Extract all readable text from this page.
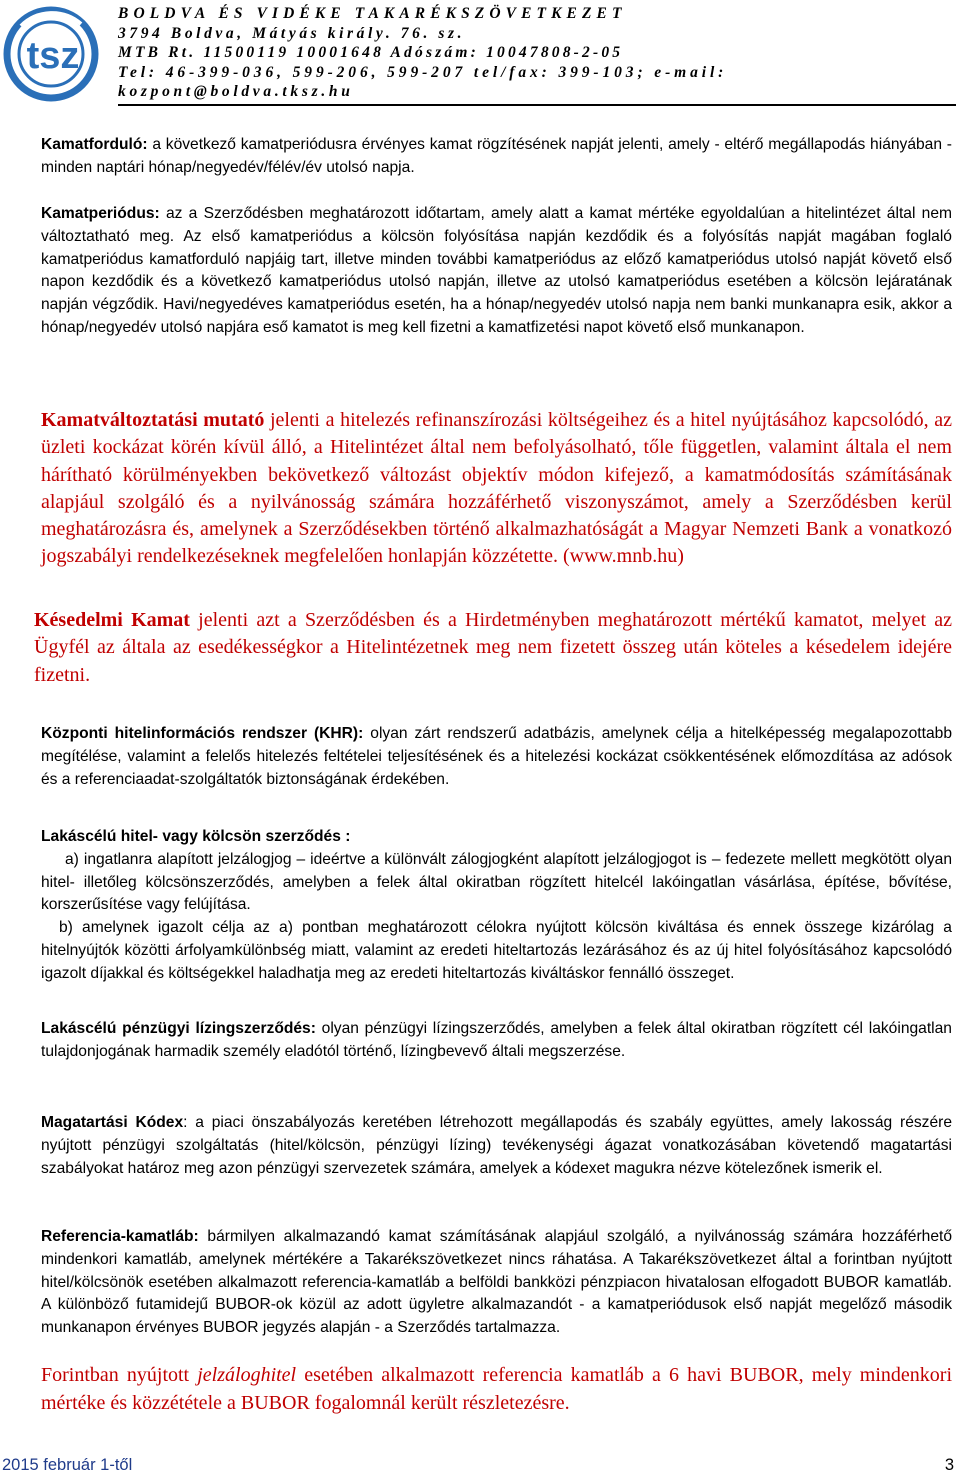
tsz
BOLDVA ÉS VIDÉKE TAKARÉKSZÖVETKEZET
3794 Boldva, Mátyás király. 76. sz.
MTB Rt. 11500119 10001648 Adószám: 10047808-2-05
Tel: 46-399-036, 599-206, 599-207 tel/fax: 399-103; e-mail:
kozpont@boldva.tksz.hu

Kamatforduló: a következő kamatperiódusra érvényes kamat rögzítésének napját jelenti, amely - eltérő megállapodás hiányában - minden naptári hónap/negyedév/félév/év utolsó napja.

Kamatperiódus: az a Szerződésben meghatározott időtartam, amely alatt a kamat mértéke egyoldalúan a hitelintézet által nem változtatható meg. Az első kamatperiódus a kölcsön folyósítása napján kezdődik és a folyósítás napját magában foglaló kamatperiódus kamatforduló napjáig tart, illetve minden további kamatperiódus az előző kamatperiódus utolsó napját követő első napon kezdődik és a következő kamatperiódus utolsó napján, illetve az utolsó kamatperiódus esetében a kölcsön lejáratának napján végződik. Havi/negyedéves kamatperiódus esetén, ha a hónap/negyedév utolsó napja nem banki munkanapra esik, akkor a hónap/negyedév utolsó napjára eső kamatot is meg kell fizetni a kamatfizetési napot követő első munkanapon.

Kamatváltoztatási mutató jelenti a hitelezés refinanszírozási költségeihez és a hitel nyújtásához kapcsolódó, az üzleti kockázat körén kívül álló, a Hitelintézet által nem befolyásolható, tőle független, valamint általa el nem hárítható körülményekben bekövetkező változást objektív módon kifejező, a kamatmódosítás számításának alapjául szolgáló és a nyilvánosság számára hozzáférhető viszonyszámot, amely a Szerződésben kerül meghatározásra és, amelynek a Szerződésekben történő alkalmazhatóságát a Magyar Nemzeti Bank a vonatkozó jogszabályi rendelkezéseknek megfelelően honlapján közzétette. (www.mnb.hu)

Késedelmi Kamat jelenti azt a Szerződésben és a Hirdetményben meghatározott mértékű kamatot, melyet az Ügyfél az általa az esedékességkor a Hitelintézetnek meg nem fizetett összeg után köteles a késedelem idejére fizetni.

Központi hitelinformációs rendszer (KHR): olyan zárt rendszerű adatbázis, amelynek célja a hitelképesség megalapozottabb megítélése, valamint a felelős hitelezés feltételei teljesítésének és a hitelezési kockázat csökkentésének előmozdítása az adósok és a referenciaadat-szolgáltatók biztonságának érdekében.

Lakáscélú hitel- vagy kölcsön szerződés :

a) ingatlanra alapított jelzálogjog – ideértve a különvált zálogjogként alapított jelzálogjogot is – fedezete mellett megkötött olyan hitel- illetőleg kölcsönszerződés, amelyben a felek által okiratban rögzített hitelcél lakóingatlan vásárlása, építése, bővítése, korszerűsítése vagy felújítása.

b) amelynek igazolt célja az a) pontban meghatározott célokra nyújtott kölcsön kiváltása és ennek összege kizárólag a hitelnyújtók közötti árfolyamkülönbség miatt, valamint az eredeti hiteltartozás lezárásához és az új hitel folyósításához kapcsolódó igazolt díjakkal és költségekkel haladhatja meg az eredeti hiteltartozás kiváltáskor fennálló összeget.

Lakáscélú pénzügyi lízingszerződés: olyan pénzügyi lízingszerződés, amelyben a felek által okiratban rögzített cél lakóingatlan tulajdonjogának harmadik személy eladótól történő, lízingbevevő általi megszerzése.

Magatartási Kódex: a piaci önszabályozás keretében létrehozott megállapodás és szabály együttes, amely lakosság részére nyújtott pénzügyi szolgáltatás (hitel/kölcsön, pénzügyi lízing) tevékenységi ágazat vonatkozásában követendő magatartási szabályokat határoz meg azon pénzügyi szervezetek számára, amelyek a kódexet magukra nézve kötelezőnek ismerik el.

Referencia-kamatláb: bármilyen alkalmazandó kamat számításának alapjául szolgáló, a nyilvánosság számára hozzáférhető mindenkori kamatláb, amelynek mértékére a Takarékszövetkezet nincs ráhatása. A Takarékszövetkezet által a forintban nyújtott hitel/kölcsönök esetében alkalmazott referencia-kamatláb a belföldi bankközi pénzpiacon hivatalosan elfogadott BUBOR kamatláb. A különböző futamidejű BUBOR-ok közül az adott ügyletre alkalmazandót - a kamatperiódusok első napját megelőző második munkanapon érvényes BUBOR jegyzés alapján - a Szerződés tartalmazza.

Forintban nyújtott jelzáloghitel esetében alkalmazott referencia kamatláb a 6 havi BUBOR, mely mindenkori mértéke és közzététele a BUBOR fogalomnál került részletezésre.

2015 február 1-től	3
